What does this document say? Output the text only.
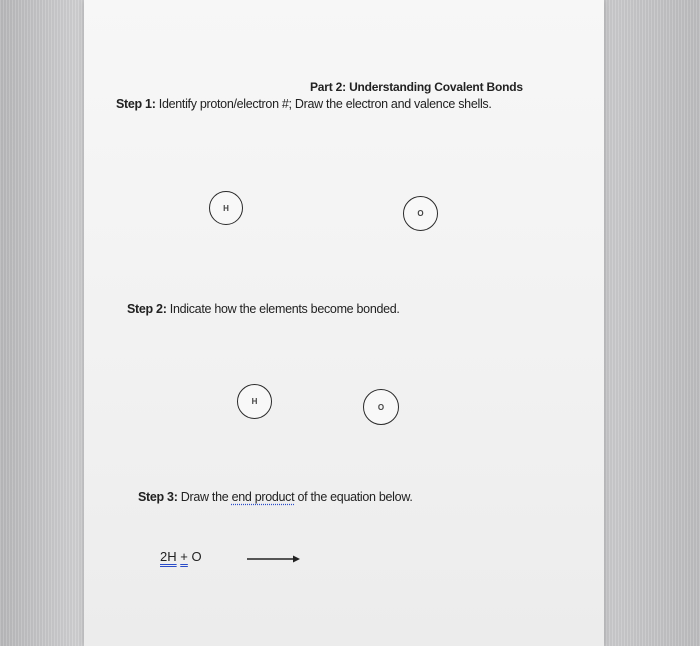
Part 2: Understanding Covalent Bonds
Step 1: Identify proton/electron #; Draw the electron and valence shells.
H
O
Step 2: Indicate how the elements become bonded.
H
O
Step 3: Draw the end product of the equation below.
2H + O
